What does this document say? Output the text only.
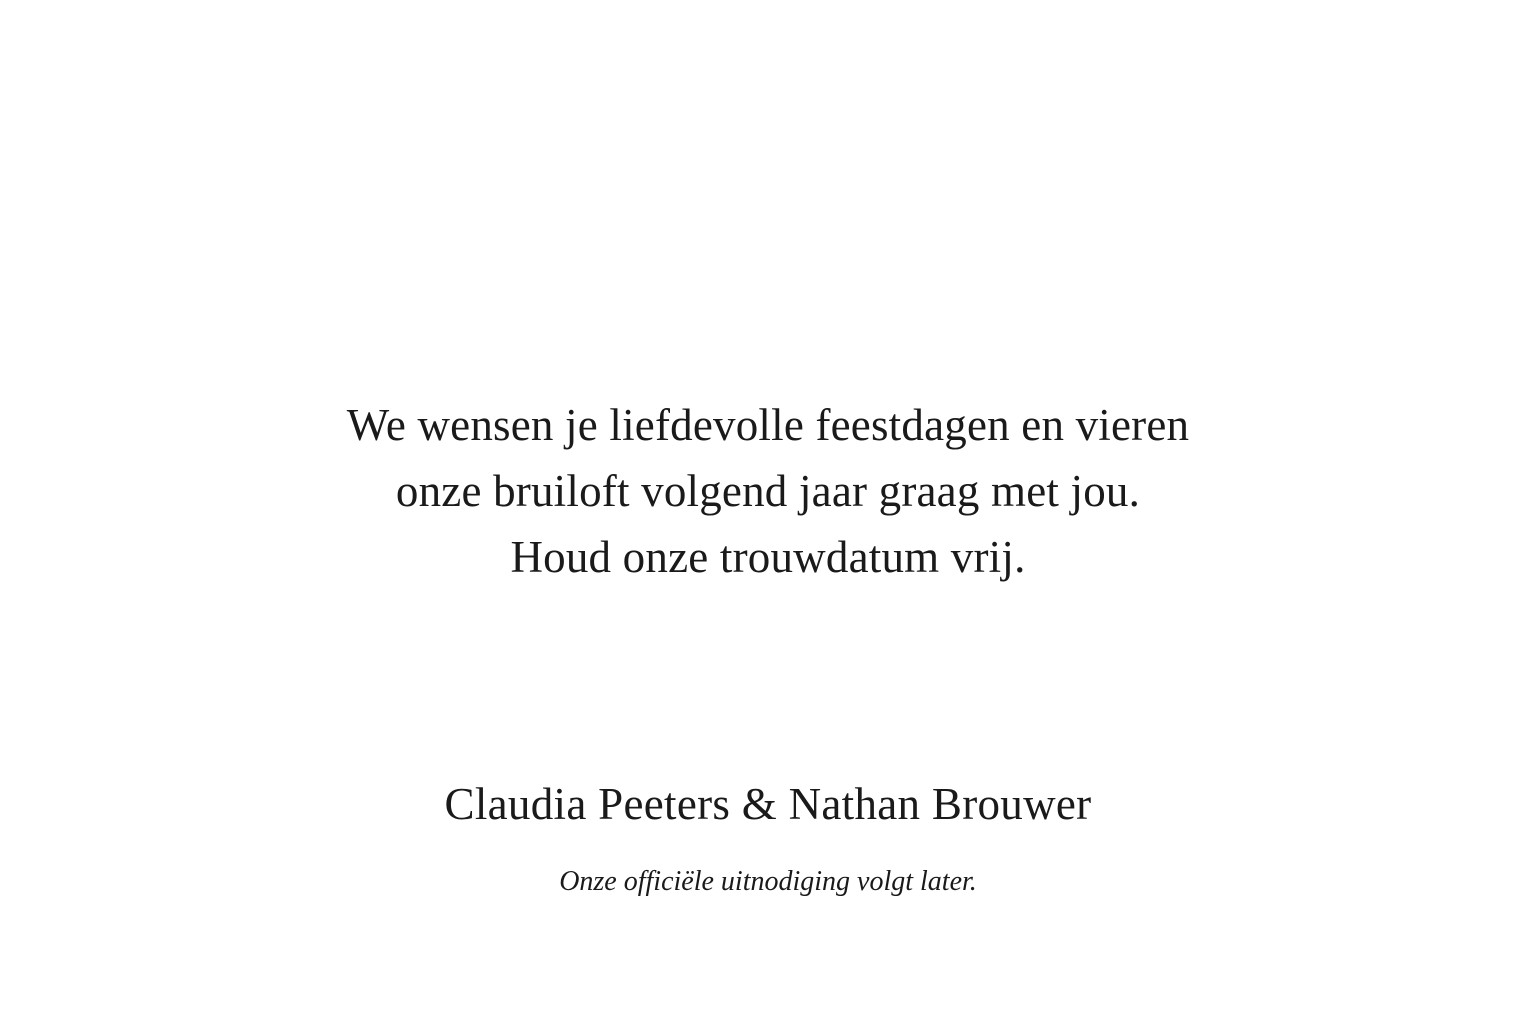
We wensen je liefdevolle feestdagen en vieren
onze bruiloft volgend jaar graag met jou.
Houd onze trouwdatum vrij.
Claudia Peeters & Nathan Brouwer
Onze officiële uitnodiging volgt later.
